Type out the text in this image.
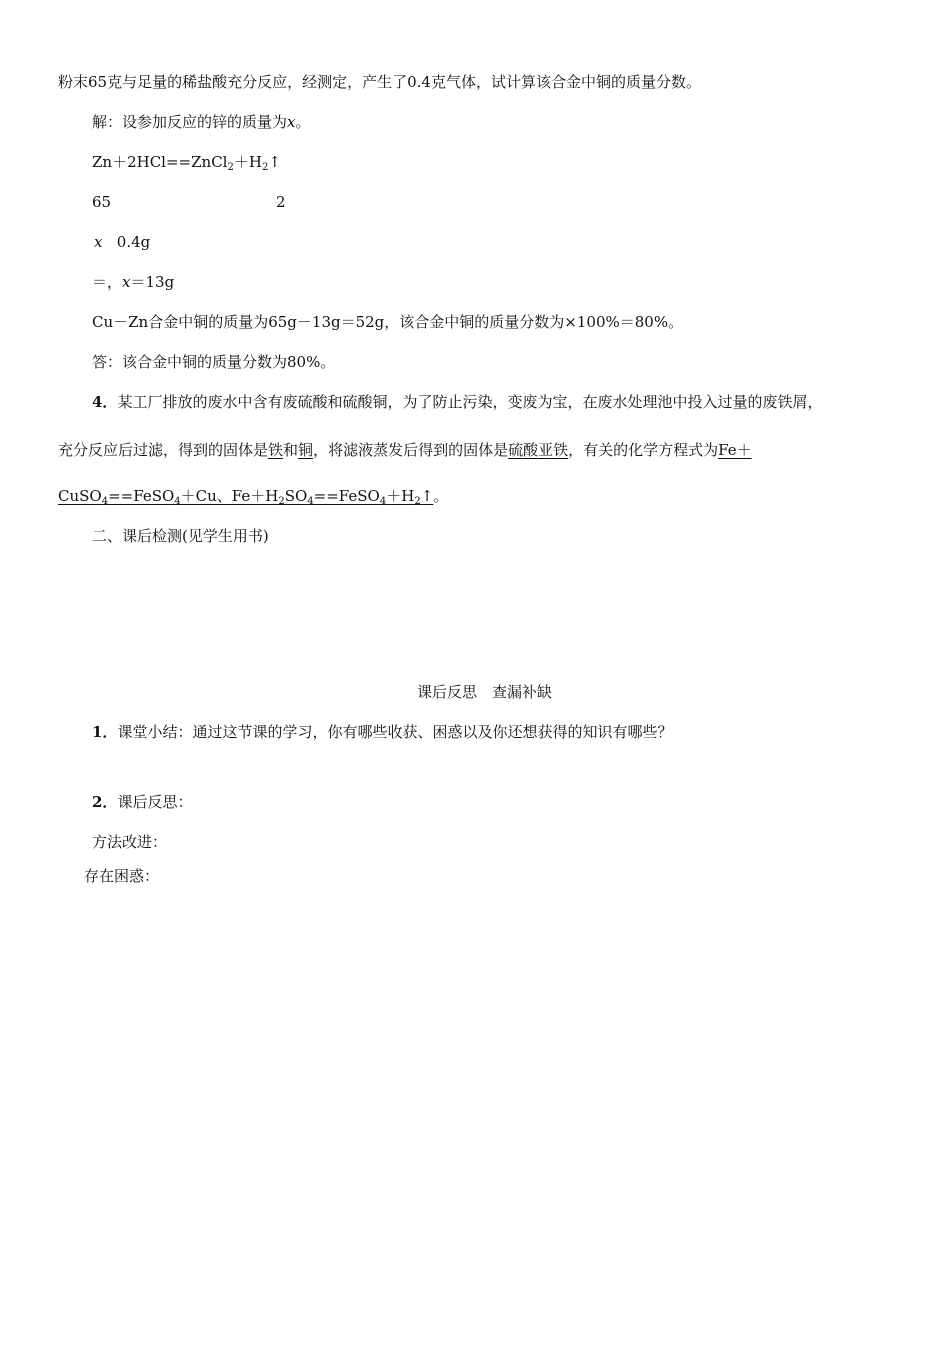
粉末65克与足量的稀盐酸充分反应，经测定，产生了0.4克气体，试计算该合金中铜的质量分数。
解：设参加反应的锌的质量为x。
$Zn+2HCl==ZnCl_2+H_2↑$
65	2
x 0.4g
＝，x＝13g
Cu－Zn合金中铜的质量为65g－13g＝52g，该合金中铜的质量分数为×100%＝80%。
答：该合金中铜的质量分数为80%。
4．某工厂排放的废水中含有废硫酸和硫酸铜，为了防止污染，变废为宝，在废水处理池中投入过量的废铁屑，
充分反应后过滤，得到的固体是铁和铜，将滤液蒸发后得到的固体是硫酸亚铁，有关的化学方程式为Fe＋
CuSO$_4$==FeSO$_4$＋Cu、$Fe+H_2SO_4==FeSO_4+H_2↑$。
二、课后检测(见学生用书)
课后反思　查漏补缺
1．课堂小结：通过这节课的学习，你有哪些收获、困惑以及你还想获得的知识有哪些？
2．课后反思：
方法改进：
存在困惑：
